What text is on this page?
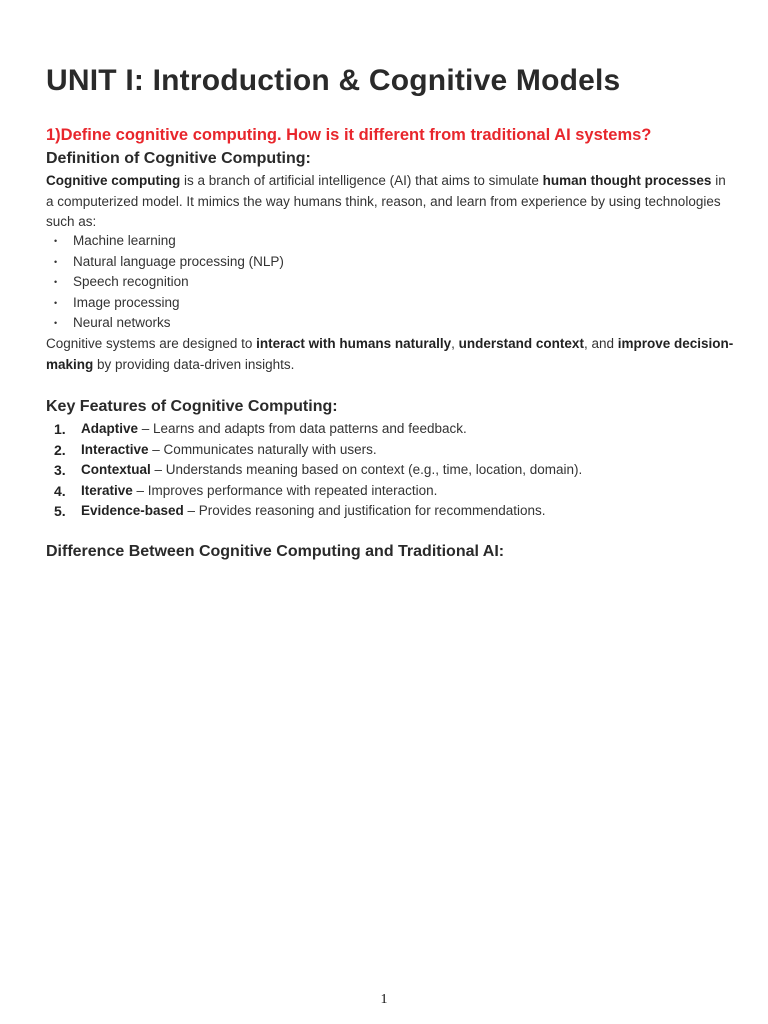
UNIT I: Introduction & Cognitive Models
1)Define cognitive computing. How is it different from traditional AI systems?
Definition of Cognitive Computing:

Cognitive computing is a branch of artificial intelligence (AI) that aims to simulate human thought processes in a computerized model. It mimics the way humans think, reason, and learn from experience by using technologies such as:

• Machine learning
• Natural language processing (NLP)
• Speech recognition
• Image processing
• Neural networks

Cognitive systems are designed to interact with humans naturally, understand context, and improve decision-making by providing data-driven insights.

Key Features of Cognitive Computing:
1. Adaptive – Learns and adapts from data patterns and feedback.
2. Interactive – Communicates naturally with users.
3. Contextual – Understands meaning based on context (e.g., time, location, domain).
4. Iterative – Improves performance with repeated interaction.
5. Evidence-based – Provides reasoning and justification for recommendations.
Difference Between Cognitive Computing and Traditional AI:
1
